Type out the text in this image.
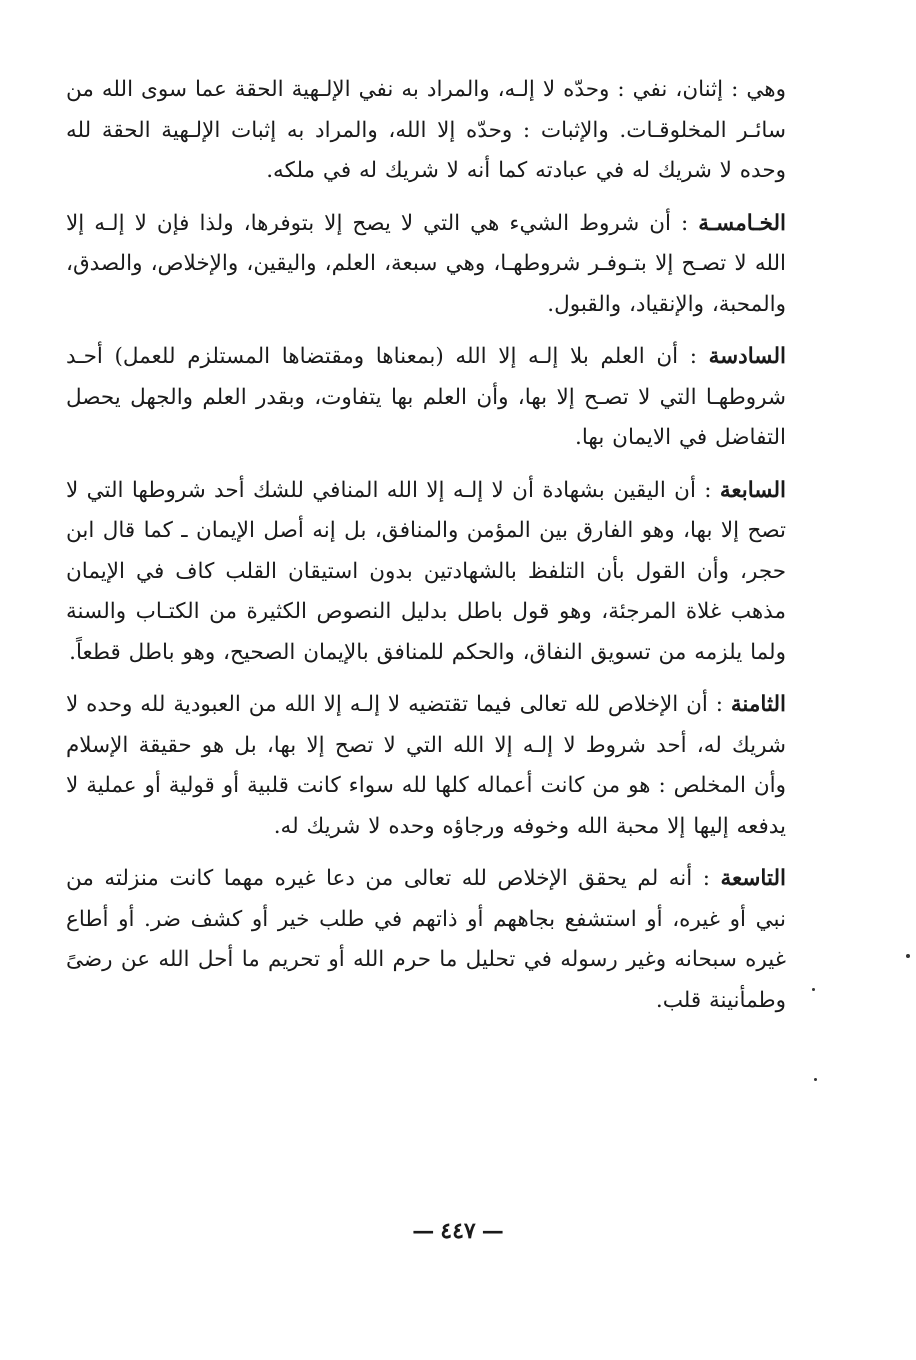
وهي : إثنان، نفي : وحدّه لا إلـه، والمراد به نفي الإلـهية الحقة عما سوى الله من سائـر المخلوقـات. والإثبات : وحدّه إلا الله، والمراد به إثبات الإلـهية الحقة لله وحده لا شريك له في عبادته كما أنه لا شريك له في ملكه.

الخـامسـة : أن شروط الشيء هي التي لا يصح إلا بتوفرها، ولذا فإن لا إلـه إلا الله لا تصـح إلا بتـوفـر شروطهـا، وهي سبعة، العلم، واليقين، والإخلاص، والصدق، والمحبة، والإنقياد، والقبول.

السادسة : أن العلم بلا إلـه إلا الله (بمعناها ومقتضاها المستلزم للعمل) أحـد شروطهـا التي لا تصـح إلا بها، وأن العلم بها يتفاوت، وبقدر العلم والجهل يحصل التفاضل في الايمان بها.

السابعة : أن اليقين بشهادة أن لا إلـه إلا الله المنافي للشك أحد شروطها التي لا تصح إلا بها، وهو الفارق بين المؤمن والمنافق، بل إنه أصل الإيمان ـ كما قال ابن حجر، وأن القول بأن التلفظ بالشهادتين بدون استيقان القلب كاف في الإيمان مذهب غلاة المرجئة، وهو قول باطل بدليل النصوص الكثيرة من الكتـاب والسنة ولما يلزمه من تسويق النفاق، والحكم للمنافق بالإيمان الصحيح، وهو باطل قطعاً.

الثامنة : أن الإخلاص لله تعالى فيما تقتضيه لا إلـه إلا الله من العبودية لله وحده لا شريك له، أحد شروط لا إلـه إلا الله التي لا تصح إلا بها، بل هو حقيقة الإسلام وأن المخلص : هو من كانت أعماله كلها لله سواء كانت قلبية أو قولية أو عملية لا يدفعه إليها إلا محبة الله وخوفه ورجاؤه وحده لا شريك له.

التاسعة : أنه لم يحقق الإخلاص لله تعالى من دعا غيره مهما كانت منزلته من نبي أو غيره، أو استشفع بجاههم أو ذاتهم في طلب خير أو كشف ضر. أو أطاع غيره سبحانه وغير رسوله في تحليل ما حرم الله أو تحريم ما أحل الله عن رضىً وطمأنينة قلب.

—٤٤٧—
